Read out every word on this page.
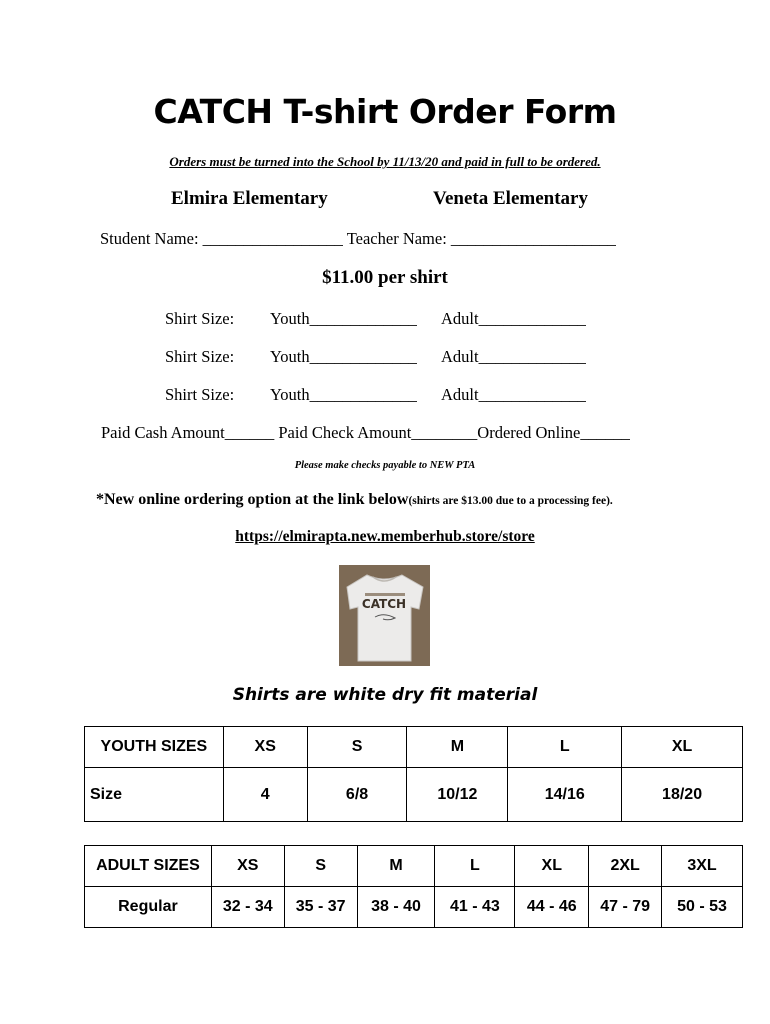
CATCH T-shirt Order Form
Orders must be turned into the School by 11/13/20 and paid in full to be ordered.
Elmira Elementary	Veneta Elementary
Student Name: _________________ Teacher Name: ____________________
$11.00 per shirt
Shirt Size: Youth_____________ Adult_____________
Shirt Size: Youth_____________ Adult_____________
Shirt Size: Youth_____________ Adult_____________
Paid Cash Amount______ Paid Check Amount________Ordered Online______
Please make checks payable to NEW PTA
*New online ordering option at the link below(shirts are $13.00 due to a processing fee).
https://elmirapta.new.memberhub.store/store
CATCH
Shirts are white dry fit material
YOUTH SIZES	XS	S	M	L	XL
Size	4	6/8	10/12	14/16	18/20
ADULT SIZES	XS	S	M	L	XL	2XL	3XL
Regular	32 - 34	35 - 37	38 - 40	41 - 43	44 - 46	47 - 79	50 - 53
